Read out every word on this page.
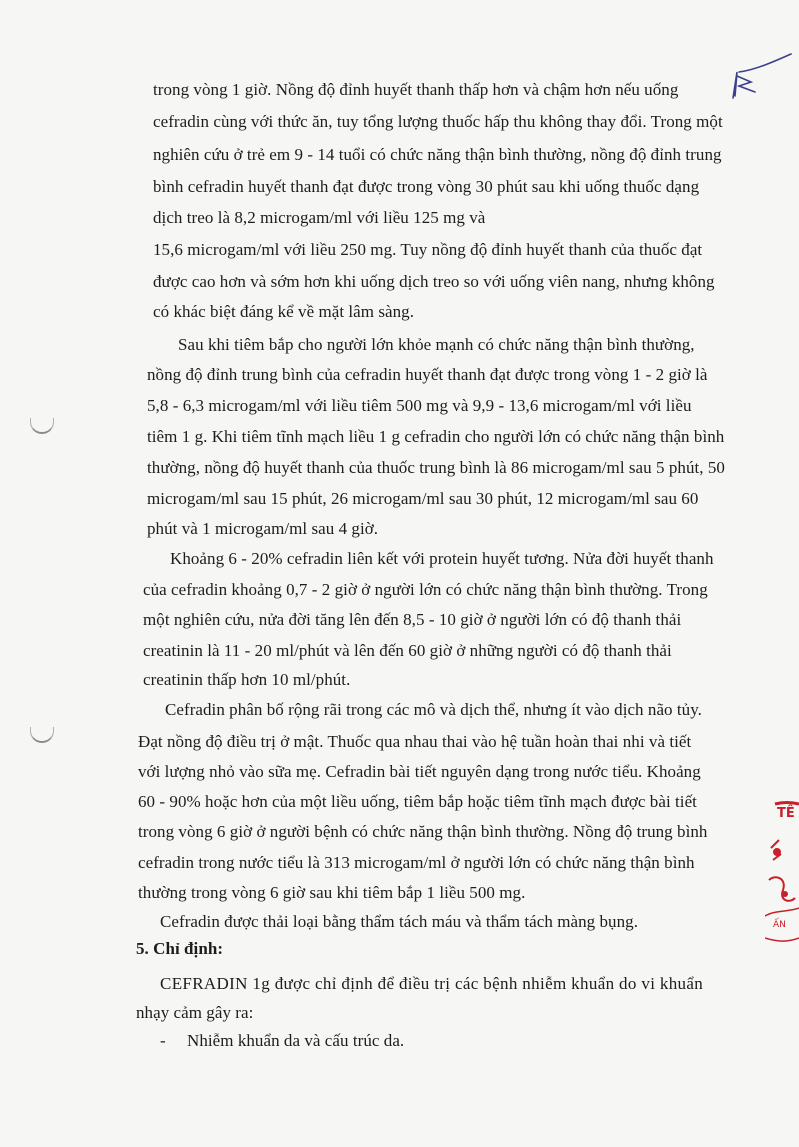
trong vòng 1 giờ. Nồng độ đỉnh huyết thanh thấp hơn và chậm hơn nếu uống
cefradin cùng với thức ăn, tuy tổng lượng thuốc hấp thu không thay đổi. Trong một
nghiên cứu ở trẻ em 9 - 14 tuổi có chức năng thận bình thường, nồng độ đỉnh trung
bình cefradin huyết thanh đạt được trong vòng 30 phút sau khi uống thuốc dạng
dịch treo là 8,2 microgam/ml với liều 125 mg và
15,6 microgam/ml với liều 250 mg. Tuy nồng độ đỉnh huyết thanh của thuốc đạt
được cao hơn và sớm hơn khi uống dịch treo so với uống viên nang, nhưng không
có khác biệt đáng kể về mặt lâm sàng.
Sau khi tiêm bắp cho người lớn khỏe mạnh có chức năng thận bình thường,
nồng độ đỉnh trung bình của cefradin huyết thanh đạt được trong vòng 1 - 2 giờ là
5,8 - 6,3 microgam/ml với liều tiêm 500 mg và 9,9 - 13,6 microgam/ml với liều
tiêm 1 g. Khi tiêm tĩnh mạch liều 1 g cefradin cho người lớn có chức năng thận bình
thường, nồng độ huyết thanh của thuốc trung bình là 86 microgam/ml sau 5 phút, 50
microgam/ml sau 15 phút, 26 microgam/ml sau 30 phút, 12 microgam/ml sau 60
phút và 1 microgam/ml sau 4 giờ.
Khoảng 6 - 20% cefradin liên kết với protein huyết tương. Nửa đời huyết thanh
của cefradin khoảng 0,7 - 2 giờ ở người lớn có chức năng thận bình thường. Trong
một nghiên cứu, nửa đời tăng lên đến 8,5 - 10 giờ ở người lớn có độ thanh thải
creatinin là 11 - 20 ml/phút và lên đến 60 giờ ở những người có độ thanh thải
creatinin thấp hơn 10 ml/phút.
Cefradin phân bố rộng rãi trong các mô và dịch thể, nhưng ít vào dịch não tủy.
Đạt nồng độ điều trị ở mật. Thuốc qua nhau thai vào hệ tuần hoàn thai nhi và tiết
với lượng nhỏ vào sữa mẹ. Cefradin bài tiết nguyên dạng trong nước tiểu. Khoảng
60 - 90% hoặc hơn của một liều uống, tiêm bắp hoặc tiêm tĩnh mạch được bài tiết
trong vòng 6 giờ ở người bệnh có chức năng thận bình thường. Nồng độ trung bình
cefradin trong nước tiểu là 313 microgam/ml ở người lớn có chức năng thận bình
thường trong vòng 6 giờ sau khi tiêm bắp 1 liều 500 mg.
Cefradin được thải loại bằng thẩm tách máu và thẩm tách màng bụng.
5. Chỉ định:
CEFRADIN 1g được chỉ định để điều trị các bệnh nhiễm khuẩn do vi khuẩn
nhạy cảm gây ra:
- Nhiễm khuẩn da và cấu trúc da.
TẾ
ẤN
